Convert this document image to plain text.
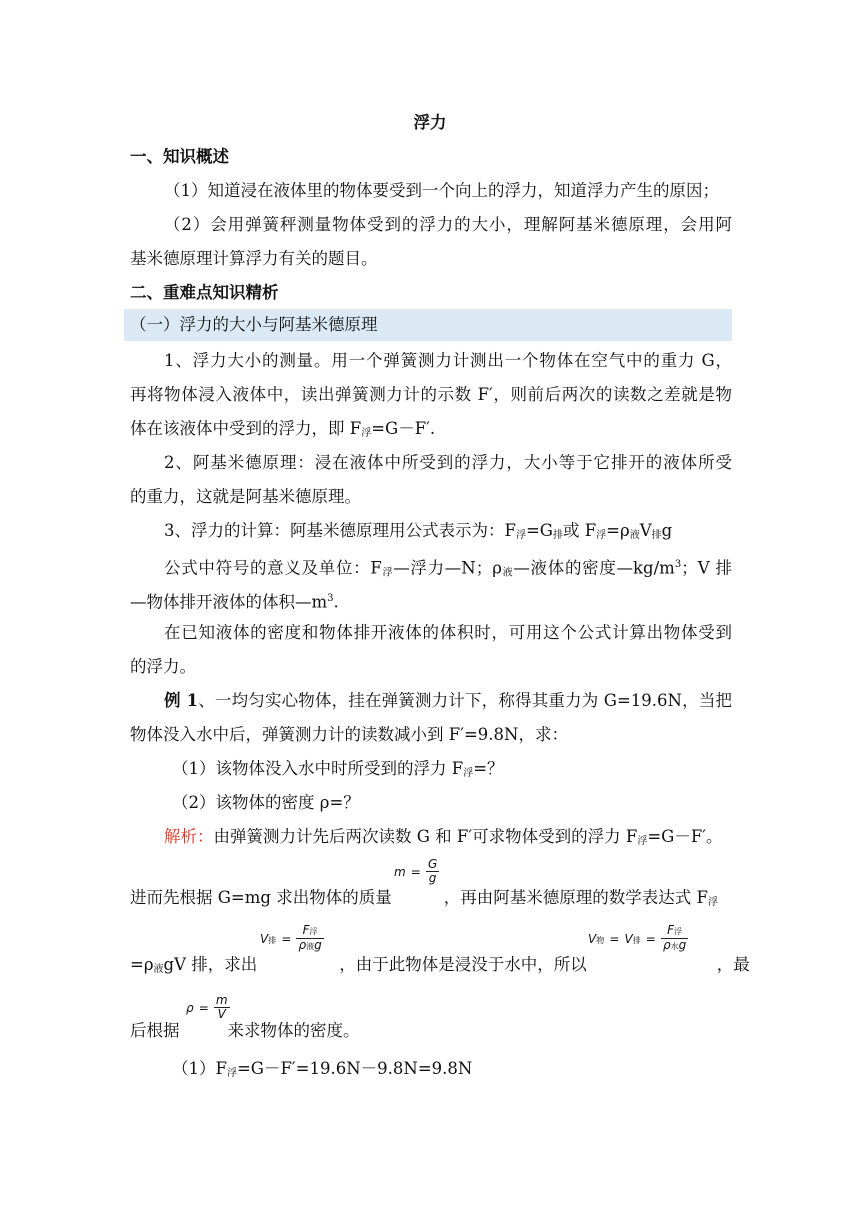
浮力
一、知识概述
（1）知道浸在液体里的物体要受到一个向上的浮力，知道浮力产生的原因；
（2）会用弹簧秤测量物体受到的浮力的大小，理解阿基米德原理，会用阿
基米德原理计算浮力有关的题目。
二、重难点知识精析
（一）浮力的大小与阿基米德原理
1、浮力大小的测量。用一个弹簧测力计测出一个物体在空气中的重力 G，
再将物体浸入液体中，读出弹簧测力计的示数 F′，则前后两次的读数之差就是物
体在该液体中受到的浮力，即 $F_浮=G-F'$.
2、阿基米德原理：浸在液体中所受到的浮力，大小等于它排开的液体所受
的重力，这就是阿基米德原理。
3、浮力的计算：阿基米德原理用公式表示为：$F_浮=G_排$或 $F_浮=\rho_液V_排g$
公式中符号的意义及单位：$F_浮—$浮力—N；$\rho_液—$液体的密度$—kg/m^3$；V 排
—物体排开液体的体积$—m^3$.
在已知液体的密度和物体排开液体的体积时，可用这个公式计算出物体受到
的浮力。
例 1、一均匀实心物体，挂在弹簧测力计下，称得其重力为 G=19.6N，当把
物体没入水中后，弹簧测力计的读数减小到 F′=9.8N，求：
（1）该物体没入水中时所受到的浮力 $F_浮=$？
（2）该物体的密度 ρ=？
解析：由弹簧测力计先后两次读数 G 和 F′可求物体受到的浮力 $F_浮=G-F'$。
进而先根据 G=mg 求出物体的质量	，再由阿基米德原理的数学表达式 $F_浮$
$m = \frac{G}{g}$
$=\rho_液gV$ 排，求出	，由于此物体是浸没于水中，所以	，最
V排 = $\frac{\text{F浮}}{\text{ρ液g}}$	V物 = V排 = $\frac{\text{F浮}}{\text{ρ水g}}$
后根据	来求物体的密度。
$\rho = \frac{m}{V}$
$(1)F_浮=G-F'=19.6N-9.8N=9.8N$
